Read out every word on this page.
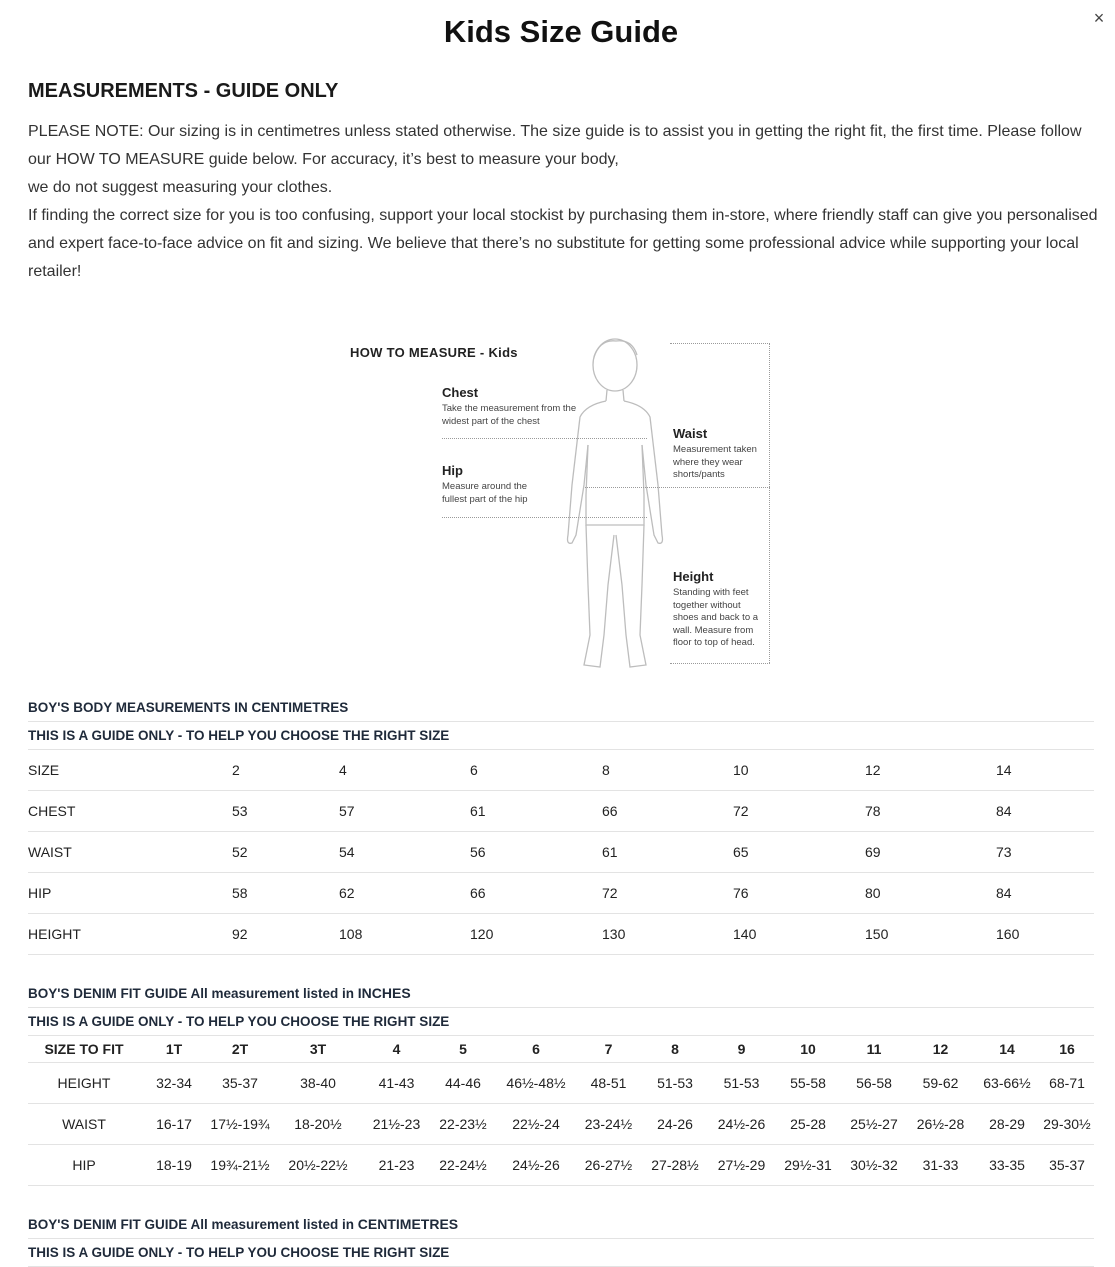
×
Kids Size Guide
MEASUREMENTS - GUIDE ONLY

PLEASE NOTE: Our sizing is in centimetres unless stated otherwise. The size guide is to assist you in getting the right fit, the first time. Please follow our HOW TO MEASURE guide below. For accuracy, it’s best to measure your body,

we do not suggest measuring your clothes.

If finding the correct size for you is too confusing, support your local stockist by purchasing them in-store, where friendly staff can give you personalised and expert face-to-face advice on fit and sizing. We believe that there’s no substitute for getting some professional advice while supporting your local retailer!

HOW TO MEASURE - Kids
Chest
Take the measurement from the widest part of the chest
Hip
Measure around the fullest part of the hip
Waist
Measurement taken where they wear shorts/pants
Height
Standing with feet together without shoes and back to a wall. Measure from floor to top of head.
BOY'S BODY MEASUREMENTS IN CENTIMETRES
THIS IS A GUIDE ONLY - TO HELP YOU CHOOSE THE RIGHT SIZE
SIZE	2	4	6	8	10	12	14
CHEST	53	57	61	66	72	78	84
WAIST	52	54	56	61	65	69	73
HIP	58	62	66	72	76	80	84
HEIGHT	92	108	120	130	140	150	160
BOY'S DENIM FIT GUIDE All measurement listed in INCHES
THIS IS A GUIDE ONLY - TO HELP YOU CHOOSE THE RIGHT SIZE
SIZE TO FIT	1T	2T	3T	4	5	6	7	8	9	10	11	12	14	16
HEIGHT	32-34	35-37	38-40	41-43	44-46	46½-48½	48-51	51-53	51-53	55-58	56-58	59-62	63-66½	68-71
WAIST	16-17	17½-19¾	18-20½	21½-23	22-23½	22½-24	23-24½	24-26	24½-26	25-28	25½-27	26½-28	28-29	29-30½
HIP	18-19	19¾-21½	20½-22½	21-23	22-24½	24½-26	26-27½	27-28½	27½-29	29½-31	30½-32	31-33	33-35	35-37
BOY'S DENIM FIT GUIDE All measurement listed in CENTIMETRES
THIS IS A GUIDE ONLY - TO HELP YOU CHOOSE THE RIGHT SIZE
